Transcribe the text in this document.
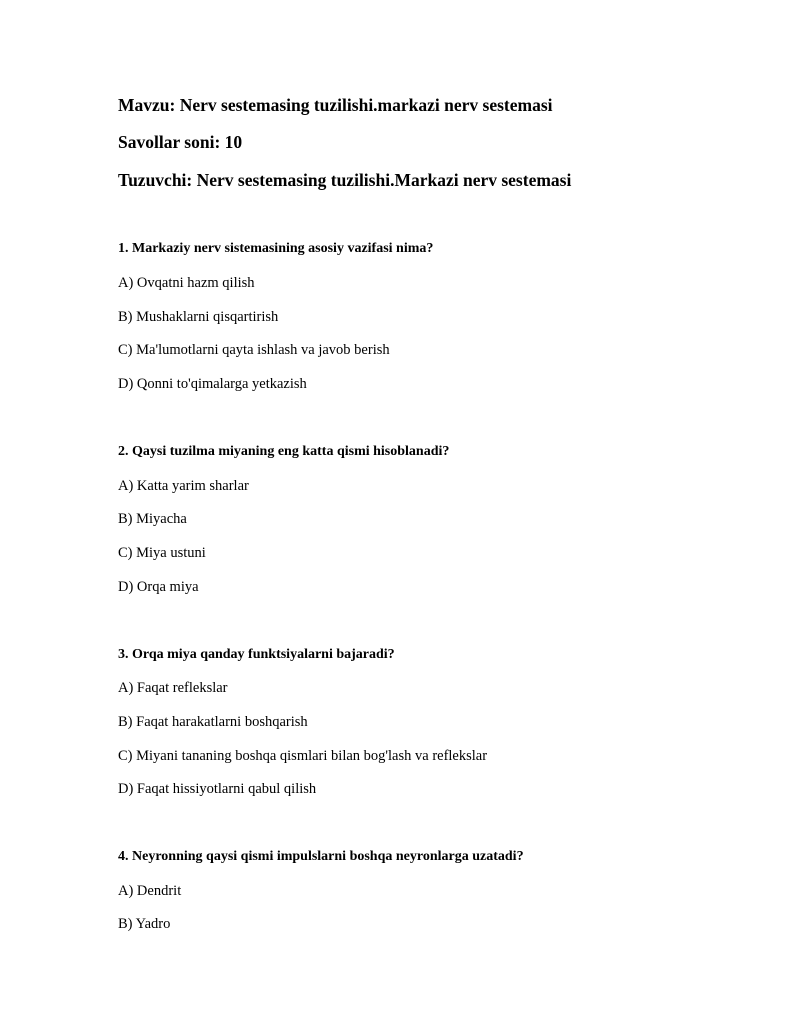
Mavzu: Nerv sestemasing tuzilishi.markazi nerv sestemasi
Savollar soni: 10
Tuzuvchi: Nerv sestemasing tuzilishi.Markazi nerv sestemasi
1. Markaziy nerv sistemasining asosiy vazifasi nima?
A) Ovqatni hazm qilish
B) Mushaklarni qisqartirish
C) Ma'lumotlarni qayta ishlash va javob berish
D) Qonni to'qimalarga yetkazish
2. Qaysi tuzilma miyaning eng katta qismi hisoblanadi?
A) Katta yarim sharlar
B) Miyacha
C) Miya ustuni
D) Orqa miya
3. Orqa miya qanday funktsiyalarni bajaradi?
A) Faqat reflekslar
B) Faqat harakatlarni boshqarish
C) Miyani tananing boshqa qismlari bilan bog'lash va reflekslar
D) Faqat hissiyotlarni qabul qilish
4. Neyronning qaysi qismi impulslarni boshqa neyronlarga uzatadi?
A) Dendrit
B) Yadro
